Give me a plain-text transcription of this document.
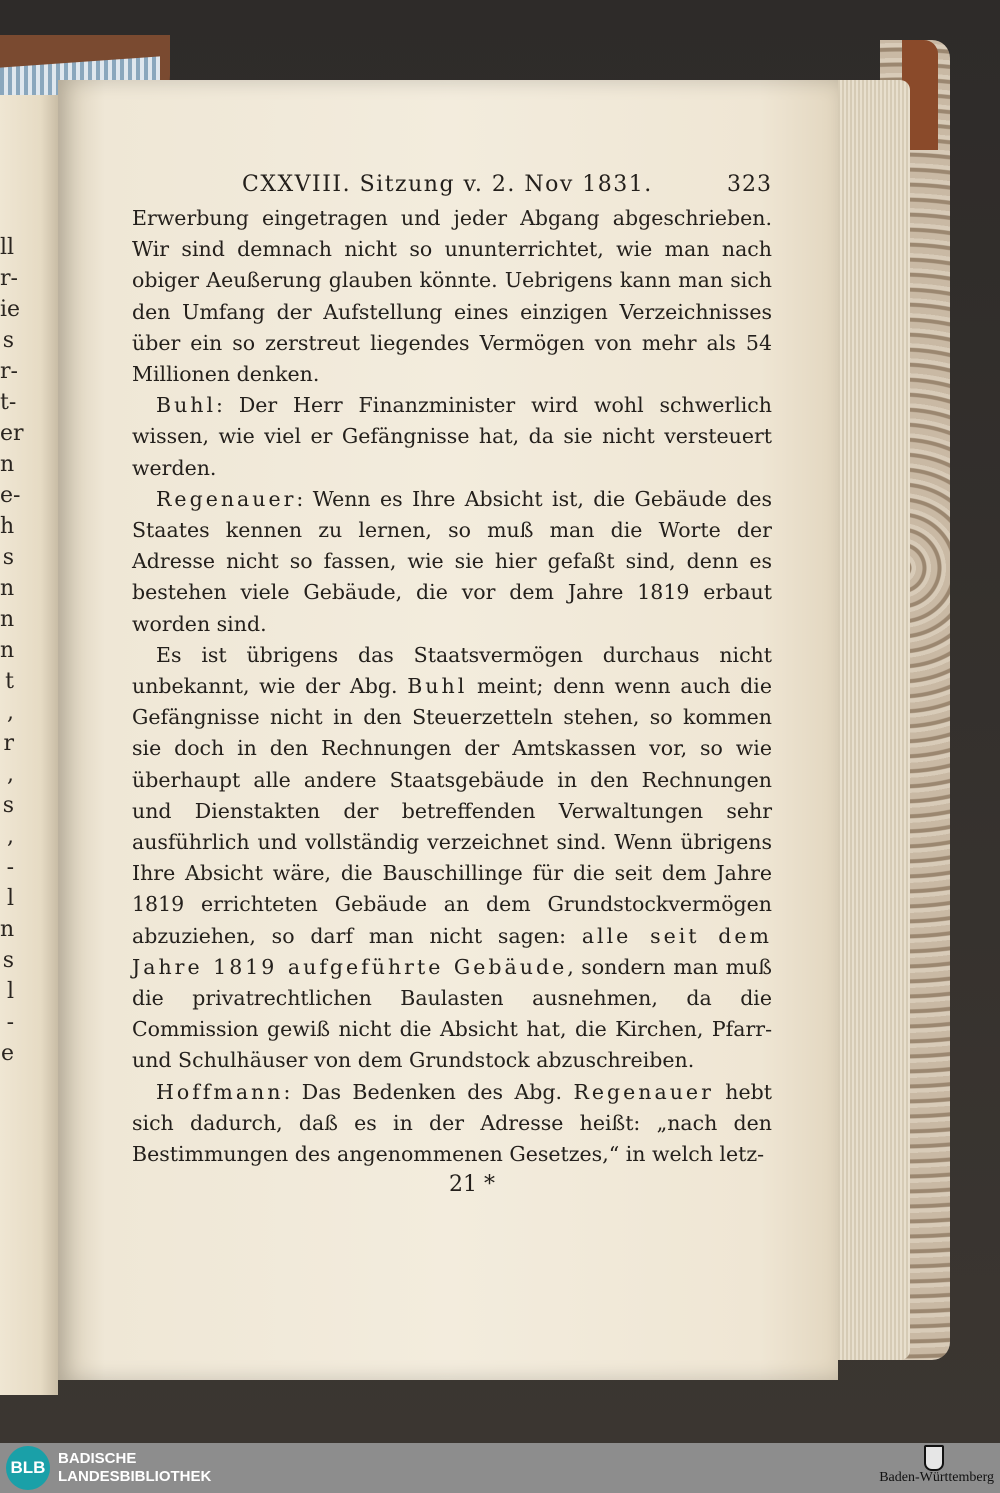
ll
r-
ie
s
r-
t-
er
n
e-
h
s
n
n
n
t
,
r
,
s
,
-
l
n
s
l
-
e
CXXVIII. Sitzung v. 2. Nov 1831.	323

Erwerbung eingetragen und jeder Abgang abgeschrieben. Wir sind demnach nicht so ununterrichtet, wie man nach obiger Aeußerung glauben könnte. Uebrigens kann man sich den Umfang der Aufstellung eines einzigen Verzeichnisses über ein so zerstreut liegendes Vermögen von mehr als 54 Millionen denken.

Buhl: Der Herr Finanzminister wird wohl schwerlich wissen, wie viel er Gefängnisse hat, da sie nicht versteuert werden.

Regenauer: Wenn es Ihre Absicht ist, die Gebäude des Staates kennen zu lernen, so muß man die Worte der Adresse nicht so fassen, wie sie hier gefaßt sind, denn es bestehen viele Gebäude, die vor dem Jahre 1819 erbaut worden sind.

Es ist übrigens das Staatsvermögen durchaus nicht unbekannt, wie der Abg. Buhl meint; denn wenn auch die Gefängnisse nicht in den Steuerzetteln stehen, so kommen sie doch in den Rechnungen der Amtskassen vor, so wie überhaupt alle andere Staatsgebäude in den Rechnungen und Dienstakten der betreffenden Verwaltungen sehr ausführlich und vollständig verzeichnet sind. Wenn übrigens Ihre Absicht wäre, die Bauschillinge für die seit dem Jahre 1819 errichteten Gebäude an dem Grundstockvermögen abzuziehen, so darf man nicht sagen: alle seit dem Jahre 1819 aufgeführte Gebäude, sondern man muß die privatrechtlichen Baulasten ausnehmen, da die Commission gewiß nicht die Absicht hat, die Kirchen, Pfarr- und Schulhäuser von dem Grundstock abzuschreiben.

Hoffmann: Das Bedenken des Abg. Regenauer hebt sich dadurch, daß es in der Adresse heißt: „nach den Bestimmungen des angenommenen Gesetzes,“ in welch letz-

21 *
BLB BADISCHE
LANDESBIBLIOTHEK	Baden-Württemberg
